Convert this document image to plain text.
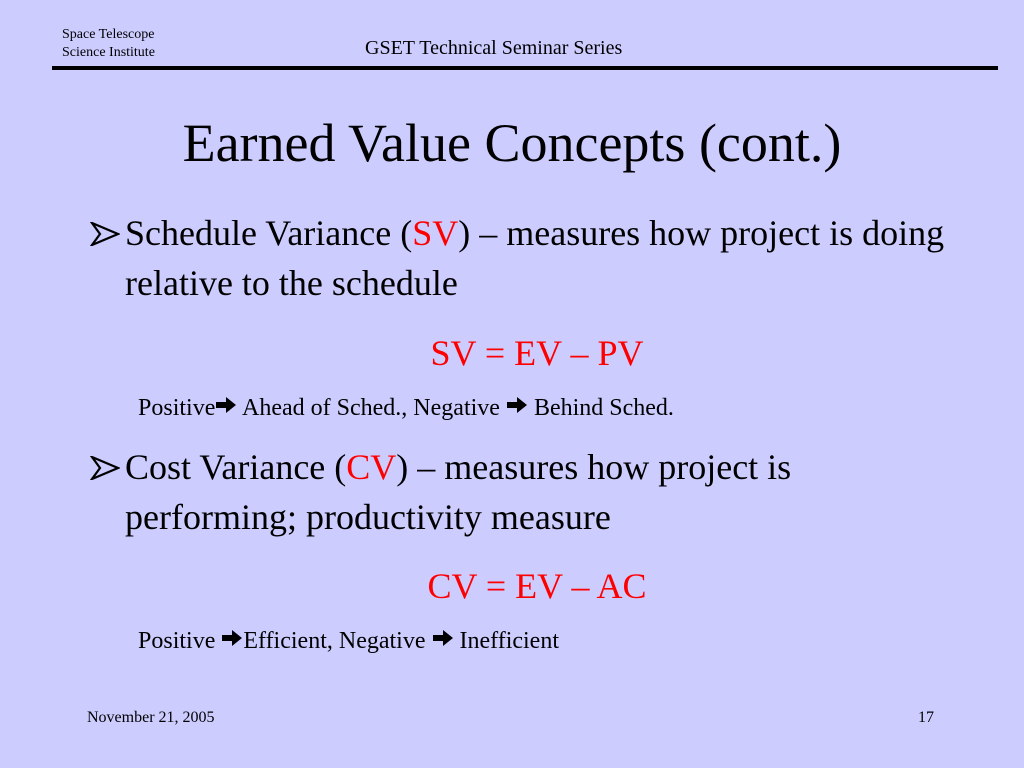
Space Telescope
Science Institute	GSET Technical Seminar Series
Earned Value Concepts (cont.)
Schedule Variance (SV) – measures how project is doing relative to the schedule
SV = EV – PV
Positive Ahead of Sched., Negative  Behind Sched.
Cost Variance (CV) – measures how project is performing; productivity measure
CV = EV – AC
Positive Efficient, Negative  Inefficient
November 21, 2005	17
